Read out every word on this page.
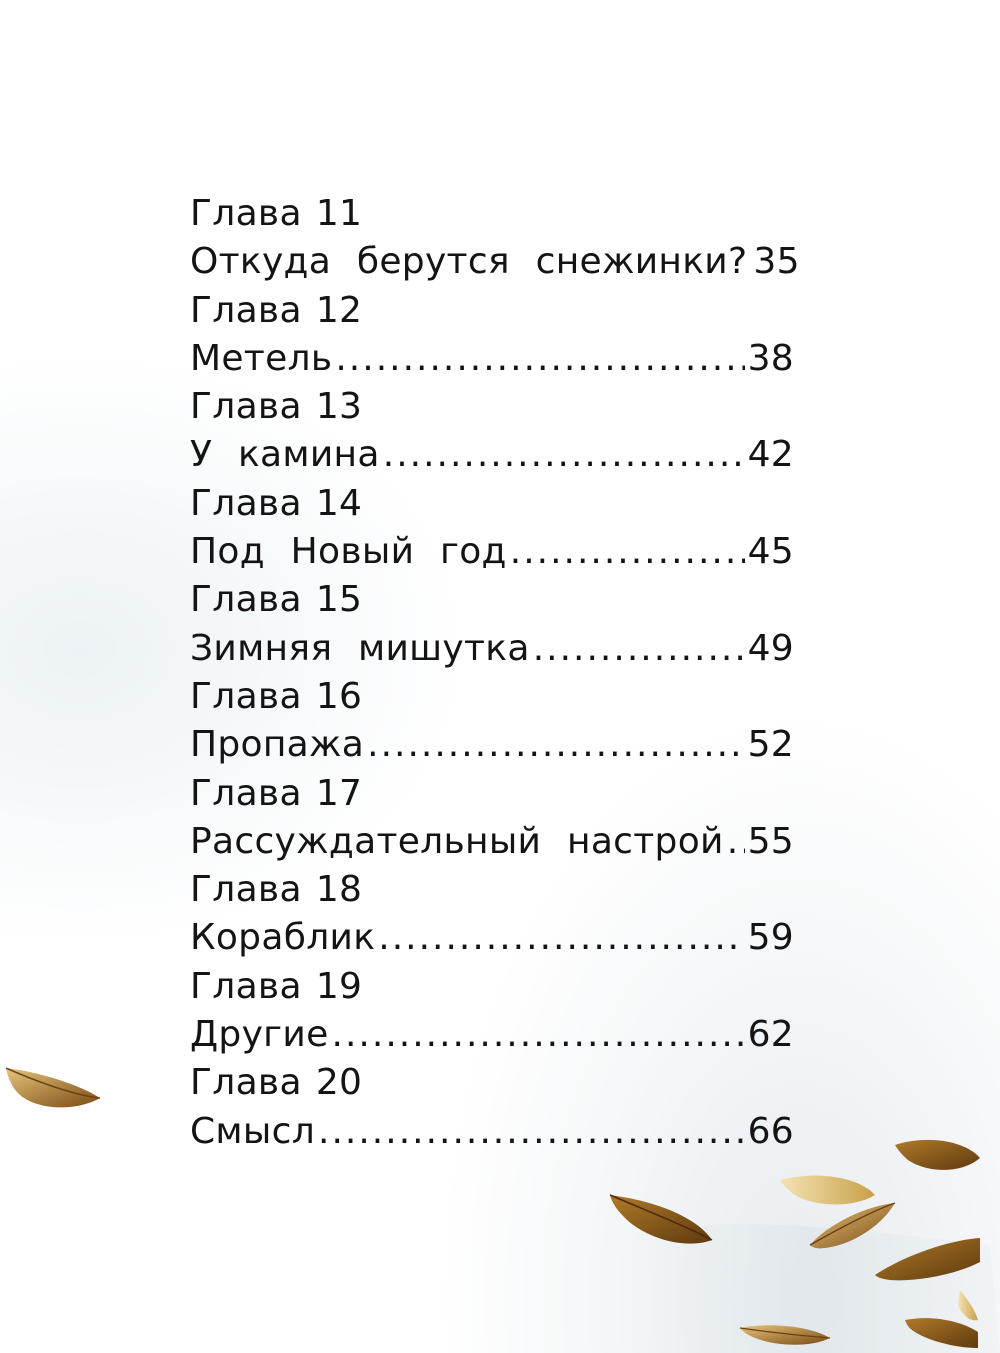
Глава 11
Откуда берутся снежинки? 35
Глава 12
Метель .....	38
Глава 13
У камина .....	42
Глава 14
Под Новый год .....	45
Глава 15
Зимняя мишутка .....	49
Глава 16
Пропажа .....	52
Глава 17
Рассуждательный настрой ..... 55
Глава 18
Кораблик .....	59
Глава 19
Другие .....	62
Глава 20
Смысл .....	66
